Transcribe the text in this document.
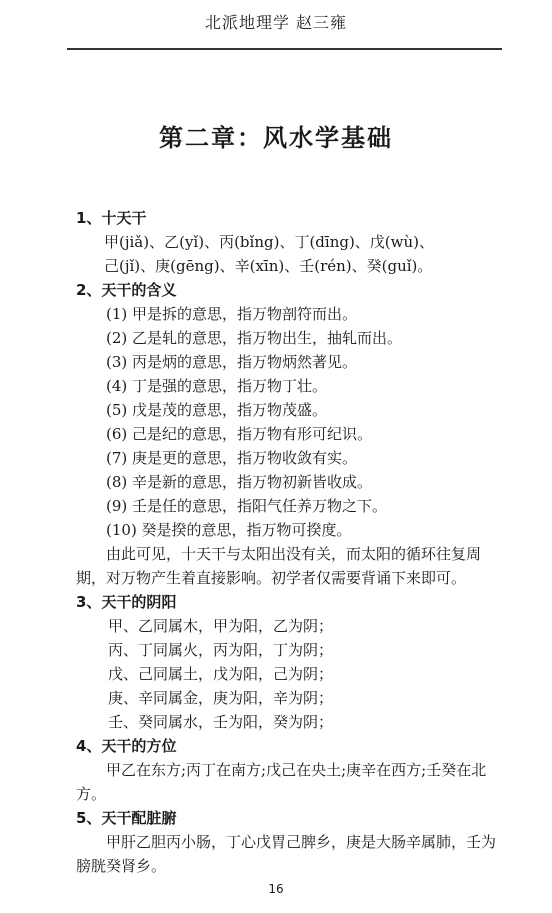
北派地理学 赵三雍
第二章：风水学基础

1、十天干

甲(jiǎ)、乙(yǐ)、丙(bǐng)、丁(dīng)、戊(wù)、

己(jǐ)、庚(gēng)、辛(xīn)、壬(rén)、癸(guǐ)。

2、天干的含义

(1) 甲是拆的意思，指万物剖符而出。

(2) 乙是轧的意思，指万物出生，抽轧而出。

(3) 丙是炳的意思，指万物炳然著见。

(4) 丁是强的意思，指万物丁壮。

(5) 戊是茂的意思，指万物茂盛。

(6) 己是纪的意思，指万物有形可纪识。

(7) 庚是更的意思，指万物收敛有实。

(8) 辛是新的意思，指万物初新皆收成。

(9) 壬是任的意思，指阳气任养万物之下。

(10) 癸是揆的意思，指万物可揆度。

由此可见，十天干与太阳出没有关，而太阳的循环往复周期，对万物产生着直接影响。初学者仅需要背诵下来即可。

3、天干的阴阳

甲、乙同属木，甲为阳，乙为阴；

丙、丁同属火，丙为阳，丁为阴；

戊、己同属土，戊为阳，己为阴；

庚、辛同属金，庚为阳，辛为阴；

壬、癸同属水，壬为阳，癸为阴；

4、天干的方位

甲乙在东方;丙丁在南方;戊己在央土;庚辛在西方;壬癸在北方。

5、天干配脏腑

甲肝乙胆丙小肠，丁心戊胃己脾乡，庚是大肠辛属肺，壬为膀胱癸肾乡。

16
